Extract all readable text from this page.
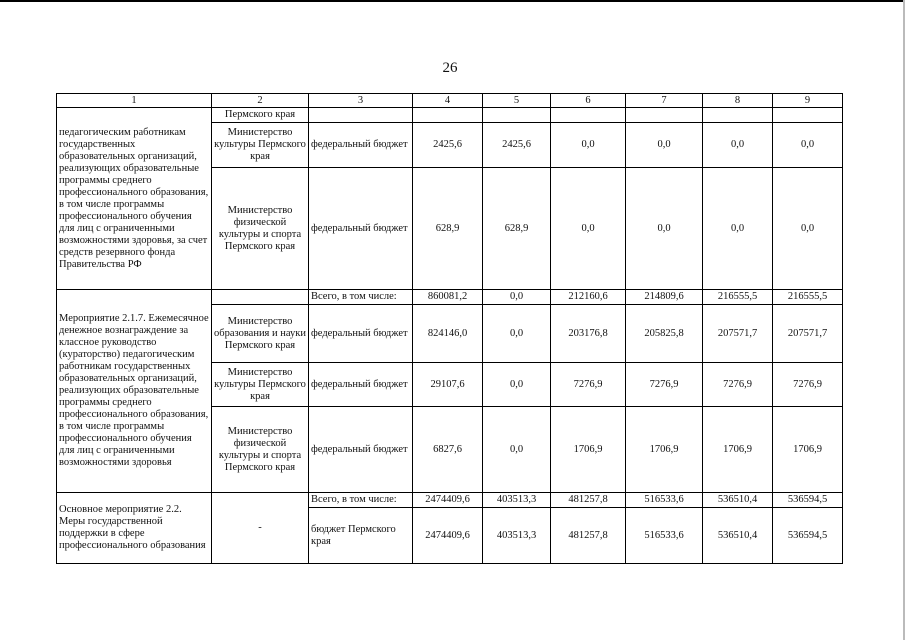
26
1	2	3	4	5	6	7	8	9
педагогическим работникам государственных образовательных организаций, реализующих образовательные программы среднего профессионального образования, в том числе программы профессионального обучения для лиц с ограниченными возможностями здоровья, за счет средств резервного фонда Правительства РФ	Пермского края							
	Министерство культуры Пермского края	федеральный бюджет	2425,6	2425,6	0,0	0,0	0,0	0,0
	Министерство физической культуры и спорта Пермского края	федеральный бюджет	628,9	628,9	0,0	0,0	0,0	0,0
Мероприятие 2.1.7. Ежемесячное денежное вознаграждение за классное руководство (кураторство) педагогическим работникам государственных образовательных организаций, реализующих образовательные программы среднего профессионального образования, в том числе программы профессионального обучения для лиц с ограниченными возможностями здоровья		Всего, в том числе:	860081,2	0,0	212160,6	214809,6	216555,5	216555,5
	Министерство образования и науки Пермского края	федеральный бюджет	824146,0	0,0	203176,8	205825,8	207571,7	207571,7
	Министерство культуры Пермского края	федеральный бюджет	29107,6	0,0	7276,9	7276,9	7276,9	7276,9
	Министерство физической культуры и спорта Пермского края	федеральный бюджет	6827,6	0,0	1706,9	1706,9	1706,9	1706,9
Основное мероприятие 2.2. Меры государственной поддержки в сфере профессионального образования	-	Всего, в том числе:	2474409,6	403513,3	481257,8	516533,6	536510,4	536594,5
		бюджет Пермского края	2474409,6	403513,3	481257,8	516533,6	536510,4	536594,5
